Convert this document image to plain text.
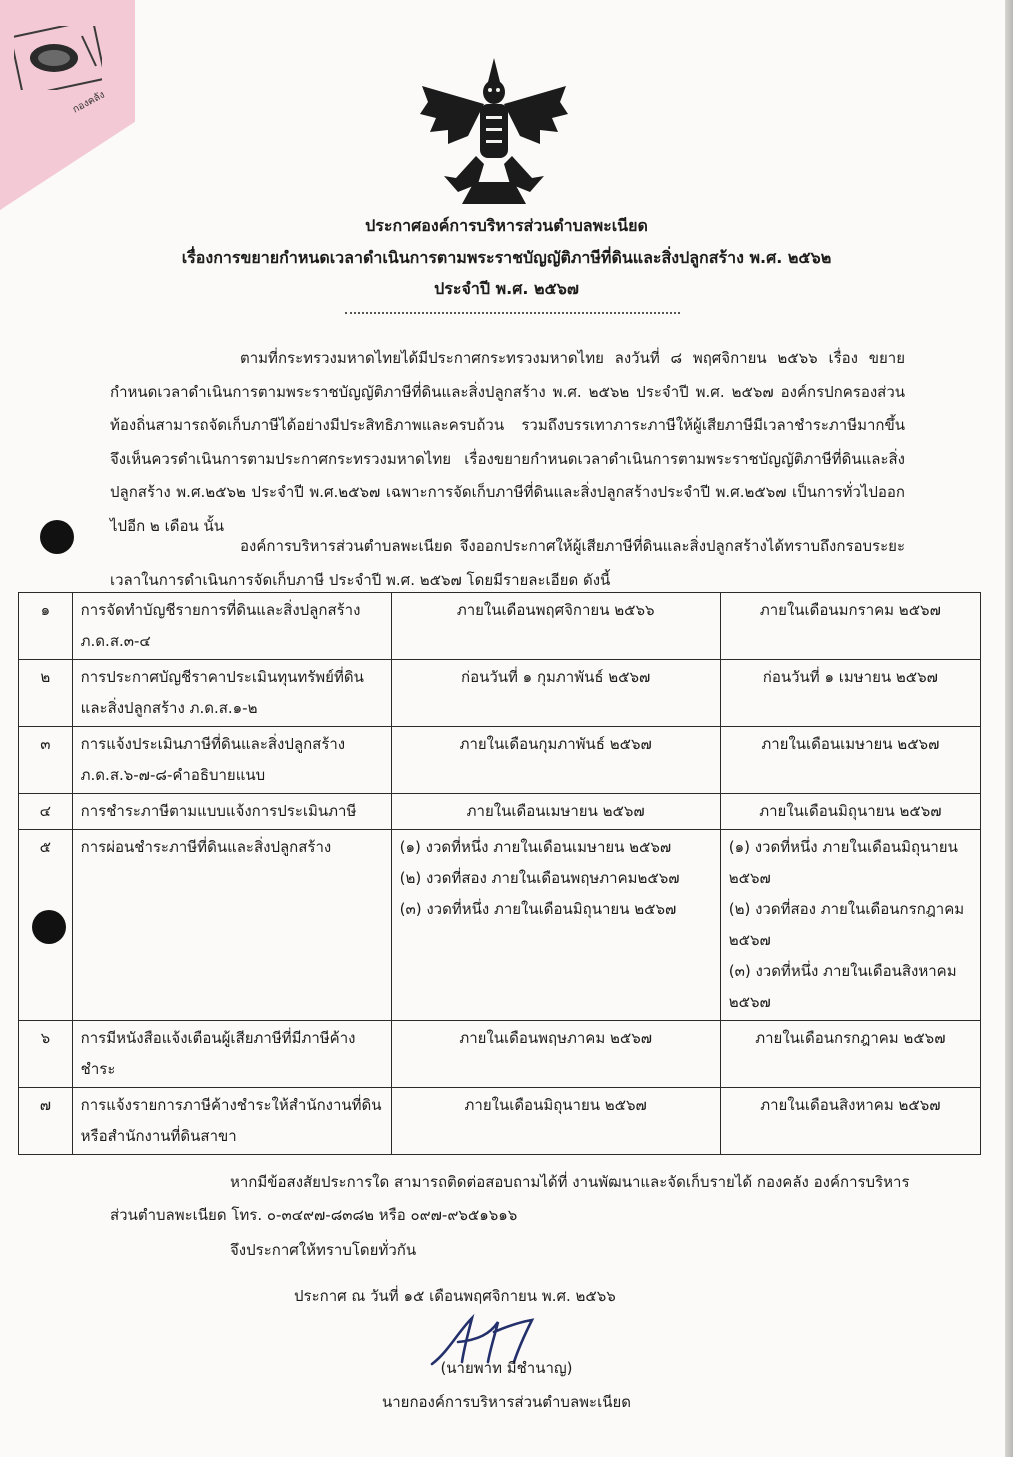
กองคลัง
ประกาศองค์การบริหารส่วนตำบลพะเนียด
เรื่องการขยายกำหนดเวลาดำเนินการตามพระราชบัญญัติภาษีที่ดินและสิ่งปลูกสร้าง พ.ศ. ๒๕๖๒
ประจำปี พ.ศ. ๒๕๖๗
ตามที่กระทรวงมหาดไทยได้มีประกาศกระทรวงมหาดไทย ลงวันที่ ๘ พฤศจิกายน ๒๕๖๖ เรื่อง ขยายกำหนดเวลาดำเนินการตามพระราชบัญญัติภาษีที่ดินและสิ่งปลูกสร้าง พ.ศ. ๒๕๖๒ ประจำปี พ.ศ. ๒๕๖๗ องค์กรปกครองส่วนท้องถิ่นสามารถจัดเก็บภาษีได้อย่างมีประสิทธิภาพและครบถ้วน รวมถึงบรรเทาภาระภาษีให้ผู้เสียภาษีมีเวลาชำระภาษีมากขึ้น จึงเห็นควรดำเนินการตามประกาศกระทรวงมหาดไทย เรื่องขยายกำหนดเวลาดำเนินการตามพระราชบัญญัติภาษีที่ดินและสิ่งปลูกสร้าง พ.ศ.๒๕๖๒ ประจำปี พ.ศ.๒๕๖๗ เฉพาะการจัดเก็บภาษีที่ดินและสิ่งปลูกสร้างประจำปี พ.ศ.๒๕๖๗ เป็นการทั่วไปออกไปอีก ๒ เดือน นั้น
องค์การบริหารส่วนตำบลพะเนียด จึงออกประกาศให้ผู้เสียภาษีที่ดินและสิ่งปลูกสร้างได้ทราบถึงกรอบระยะเวลาในการดำเนินการจัดเก็บภาษี ประจำปี พ.ศ. ๒๕๖๗ โดยมีรายละเอียด ดังนี้
๑	การจัดทำบัญชีรายการที่ดินและสิ่งปลูกสร้าง ภ.ด.ส.๓-๔	ภายในเดือนพฤศจิกายน ๒๕๖๖	ภายในเดือนมกราคม ๒๕๖๗

๒	การประกาศบัญชีราคาประเมินทุนทรัพย์ที่ดินและสิ่งปลูกสร้าง ภ.ด.ส.๑-๒	ก่อนวันที่ ๑ กุมภาพันธ์ ๒๕๖๗	ก่อนวันที่ ๑ เมษายน ๒๕๖๗

๓	การแจ้งประเมินภาษีที่ดินและสิ่งปลูกสร้าง ภ.ด.ส.๖-๗-๘-คำอธิบายแนบ	ภายในเดือนกุมภาพันธ์ ๒๕๖๗	ภายในเดือนเมษายน ๒๕๖๗

๔	การชำระภาษีตามแบบแจ้งการประเมินภาษี	ภายในเดือนเมษายน ๒๕๖๗	ภายในเดือนมิถุนายน ๒๕๖๗

๕	การผ่อนชำระภาษีที่ดินและสิ่งปลูกสร้าง	(๑) งวดที่หนึ่ง ภายในเดือนเมษายน ๒๕๖๗
(๒) งวดที่สอง ภายในเดือนพฤษภาคม๒๕๖๗
(๓) งวดที่หนึ่ง ภายในเดือนมิถุนายน ๒๕๖๗	(๑) งวดที่หนึ่ง ภายในเดือนมิถุนายน ๒๕๖๗
(๒) งวดที่สอง ภายในเดือนกรกฎาคม ๒๕๖๗
(๓) งวดที่หนึ่ง ภายในเดือนสิงหาคม ๒๕๖๗

๖	การมีหนังสือแจ้งเตือนผู้เสียภาษีที่มีภาษีค้างชำระ	ภายในเดือนพฤษภาคม ๒๕๖๗	ภายในเดือนกรกฎาคม ๒๕๖๗

๗	การแจ้งรายการภาษีค้างชำระให้สำนักงานที่ดินหรือสำนักงานที่ดินสาขา	ภายในเดือนมิถุนายน ๒๕๖๗	ภายในเดือนสิงหาคม ๒๕๖๗
หากมีข้อสงสัยประการใด สามารถติดต่อสอบถามได้ที่ งานพัฒนาและจัดเก็บรายได้ กองคลัง องค์การบริหารส่วนตำบลพะเนียด โทร. ๐-๓๔๙๗-๘๓๘๒ หรือ ๐๙๗-๙๖๕๑๖๑๖
จึงประกาศให้ทราบโดยทั่วกัน
ประกาศ ณ วันที่ ๑๕ เดือนพฤศจิกายน พ.ศ. ๒๕๖๖
(นายพาท มีชำนาญ)
นายกองค์การบริหารส่วนตำบลพะเนียด
